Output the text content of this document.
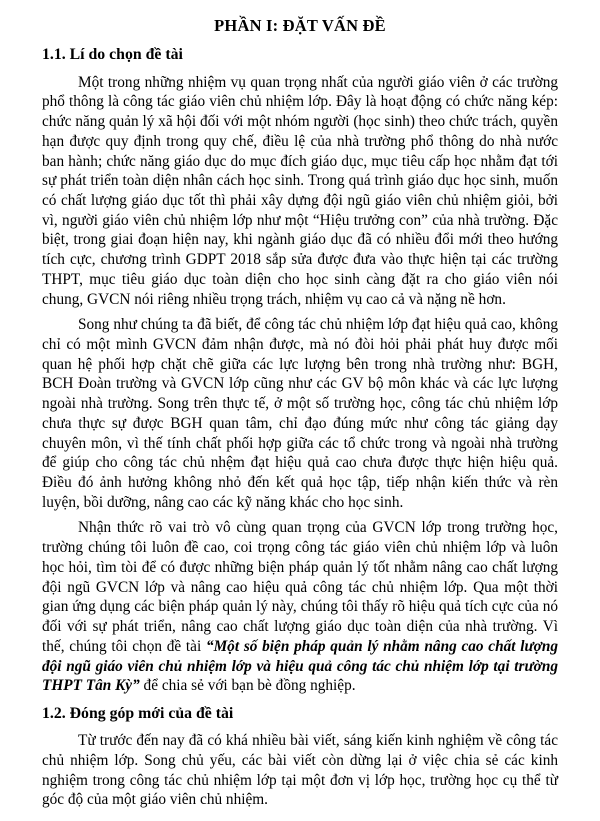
PHẦN I: ĐẶT VẤN ĐỀ
1.1. Lí do chọn đề tài

Một trong những nhiệm vụ quan trọng nhất của người giáo viên ở các trường phổ thông là công tác giáo viên chủ nhiệm lớp. Đây là hoạt động có chức năng kép: chức năng quản lý xã hội đối với một nhóm người (học sinh) theo chức trách, quyền hạn được quy định trong quy chế, điều lệ của nhà trường phổ thông do nhà nước ban hành; chức năng giáo dục do mục đích giáo dục, mục tiêu cấp học nhằm đạt tới sự phát triển toàn diện nhân cách học sinh. Trong quá trình giáo dục học sinh, muốn có chất lượng giáo dục tốt thì phải xây dựng đội ngũ giáo viên chủ nhiệm giỏi, bởi vì, người giáo viên chủ nhiệm lớp như một “Hiệu trưởng con” của nhà trường. Đặc biệt, trong giai đoạn hiện nay, khi ngành giáo dục đã có nhiều đổi mới theo hướng tích cực, chương trình GDPT 2018 sắp sửa được đưa vào thực hiện tại các trường THPT, mục tiêu giáo dục toàn diện cho học sinh càng đặt ra cho giáo viên nói chung, GVCN nói riêng nhiều trọng trách, nhiệm vụ cao cả và nặng nề hơn.

Song như chúng ta đã biết, để công tác chủ nhiệm lớp đạt hiệu quả cao, không chỉ có một mình GVCN đảm nhận được, mà nó đòi hỏi phải phát huy được mối quan hệ phối hợp chặt chẽ giữa các lực lượng bên trong nhà trường như: BGH, BCH Đoàn trường và GVCN lớp cũng như các GV bộ môn khác và các lực lượng ngoài nhà trường. Song trên thực tế, ở một số trường học, công tác chủ nhiệm lớp chưa thực sự được BGH quan tâm, chỉ đạo đúng mức như công tác giảng dạy chuyên môn, vì thế tính chất phối hợp giữa các tổ chức trong và ngoài nhà trường để giúp cho công tác chủ nhệm đạt hiệu quả cao chưa được thực hiện hiệu quả. Điều đó ảnh hưởng không nhỏ đến kết quả học tập, tiếp nhận kiến thức và rèn luyện, bồi dưỡng, nâng cao các kỹ năng khác cho học sinh.

Nhận thức rõ vai trò vô cùng quan trọng của GVCN lớp trong trường học, trường chúng tôi luôn đề cao, coi trọng công tác giáo viên chủ nhiệm lớp và luôn học hỏi, tìm tòi để có được những biện pháp quản lý tốt nhằm nâng cao chất lượng đội ngũ GVCN lớp và nâng cao hiệu quả công tác chủ nhiệm lớp. Qua một thời gian ứng dụng các biện pháp quản lý này, chúng tôi thấy rõ hiệu quả tích cực của nó đối với sự phát triển, nâng cao chất lượng giáo dục toàn diện của nhà trường. Vì thế, chúng tôi chọn đề tài “Một số biện pháp quản lý nhằm nâng cao chất lượng đội ngũ giáo viên chủ nhiệm lớp và hiệu quả công tác chủ nhiệm lớp tại trường THPT Tân Kỳ” để chia sẻ với bạn bè đồng nghiệp.

1.2. Đóng góp mới của đề tài

Từ trước đến nay đã có khá nhiều bài viết, sáng kiến kinh nghiệm về công tác chủ nhiệm lớp. Song chủ yếu, các bài viết còn dừng lại ở việc chia sẻ các kinh nghiệm trong công tác chủ nhiệm lớp tại một đơn vị lớp học, trường học cụ thể từ góc độ của một giáo viên chủ nhiệm.
